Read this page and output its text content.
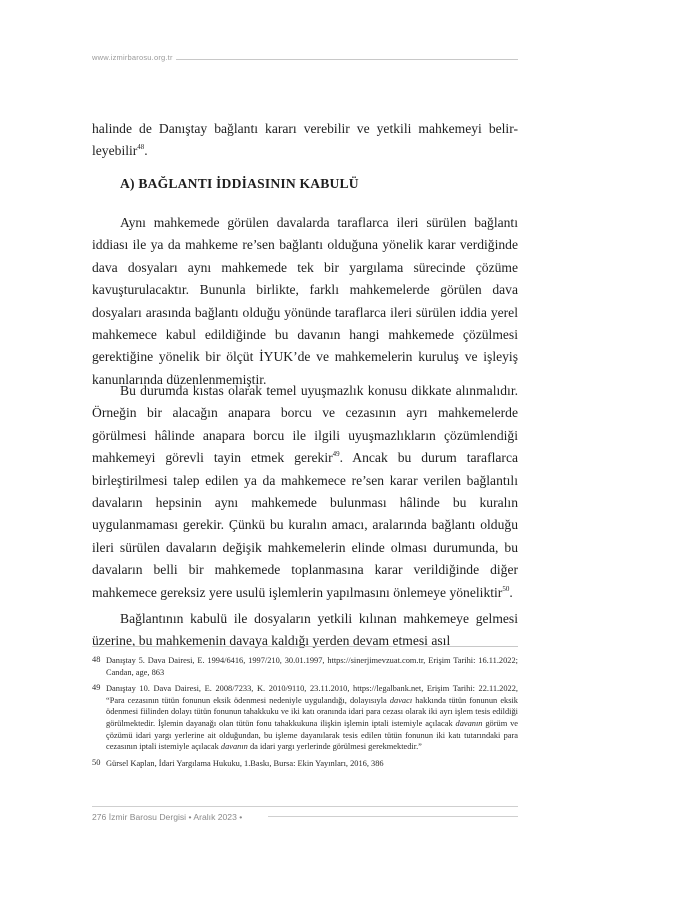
www.izmirbarosu.org.tr

halinde de Danıştay bağlantı kararı verebilir ve yetkili mahkemeyi belir-leyebilir$^{48}$.

A) BAĞLANTI İDDİASININ KABULÜ

Aynı mahkemede görülen davalarda taraflarca ileri sürülen bağlantı iddiası ile ya da mahkeme re’sen bağlantı olduğuna yönelik karar verdiğinde dava dosyaları aynı mahkemede tek bir yargılama sürecinde çözüme kavuşturulacaktır. Bununla birlikte, farklı mahkemelerde görülen dava dosyaları arasında bağlantı olduğu yönünde taraflarca ileri sürülen iddia yerel mahkemece kabul edildiğinde bu davanın hangi mahkemede çözülmesi gerektiğine yönelik bir ölçüt İYUK’de ve mahkemelerin kuruluş ve işleyiş kanunlarında düzenlenmemiştir.

Bu durumda kıstas olarak temel uyuşmazlık konusu dikkate alınmalıdır. Örneğin bir alacağın anapara borcu ve cezasının ayrı mahkemelerde görülmesi hâlinde anapara borcu ile ilgili uyuşmazlıkların çözümlendiği mahkemeyi görevli tayin etmek gerekir$^{49}$. Ancak bu durum taraflarca birleştirilmesi talep edilen ya da mahkemece re’sen karar verilen bağlantılı davaların hepsinin aynı mahkemede bulunması hâlinde bu kuralın uygulanmaması gerekir. Çünkü bu kuralın amacı, aralarında bağlantı olduğu ileri sürülen davaların değişik mahkemelerin elinde olması durumunda, bu davaların belli bir mahkemede toplanmasına karar verildiğinde diğer mahkemece gereksiz yere usulü işlemlerin yapılmasını önlemeye yöneliktir$^{50}$.

Bağlantının kabulü ile dosyaların yetkili kılınan mahkemeye gelmesi üzerine, bu mahkemenin davaya kaldığı yerden devam etmesi asıl

48 Danıştay 5. Dava Dairesi, E. 1994/6416, 1997/210, 30.01.1997, https://sinerjimevzuat.com.tr, Erişim Tarihi: 16.11.2022; Candan, age, 863
49 Danıştay 10. Dava Dairesi, E. 2008/7233, K. 2010/9110, 23.11.2010, https://legalbank.net, Erişim Tarihi: 22.11.2022, “Para cezasının tütün fonunun eksik ödenmesi nedeniyle uygulandığı, dolayısıyla davacı hakkında tütün fonunun eksik ödenmesi fiilinden dolayı tütün fonunun tahakkuku ve iki katı oranında idari para cezası olarak iki ayrı işlem tesis edildiği görülmektedir. İşlemin dayanağı olan tütün fonu tahakkukuna ilişkin işlemin iptali istemiyle açılacak davanın görüm ve çözümü idari yargı yerlerine ait olduğundan, bu işleme dayanılarak tesis edilen tütün fonunun iki katı tutarındaki para cezasının iptali istemiyle açılacak davanın da idari yargı yerlerinde görülmesi gerekmektedir.”
50 Gürsel Kaplan, İdari Yargılama Hukuku, 1.Baskı, Bursa: Ekin Yayınları, 2016, 386
276 İzmir Barosu Dergisi • Aralık 2023 •
